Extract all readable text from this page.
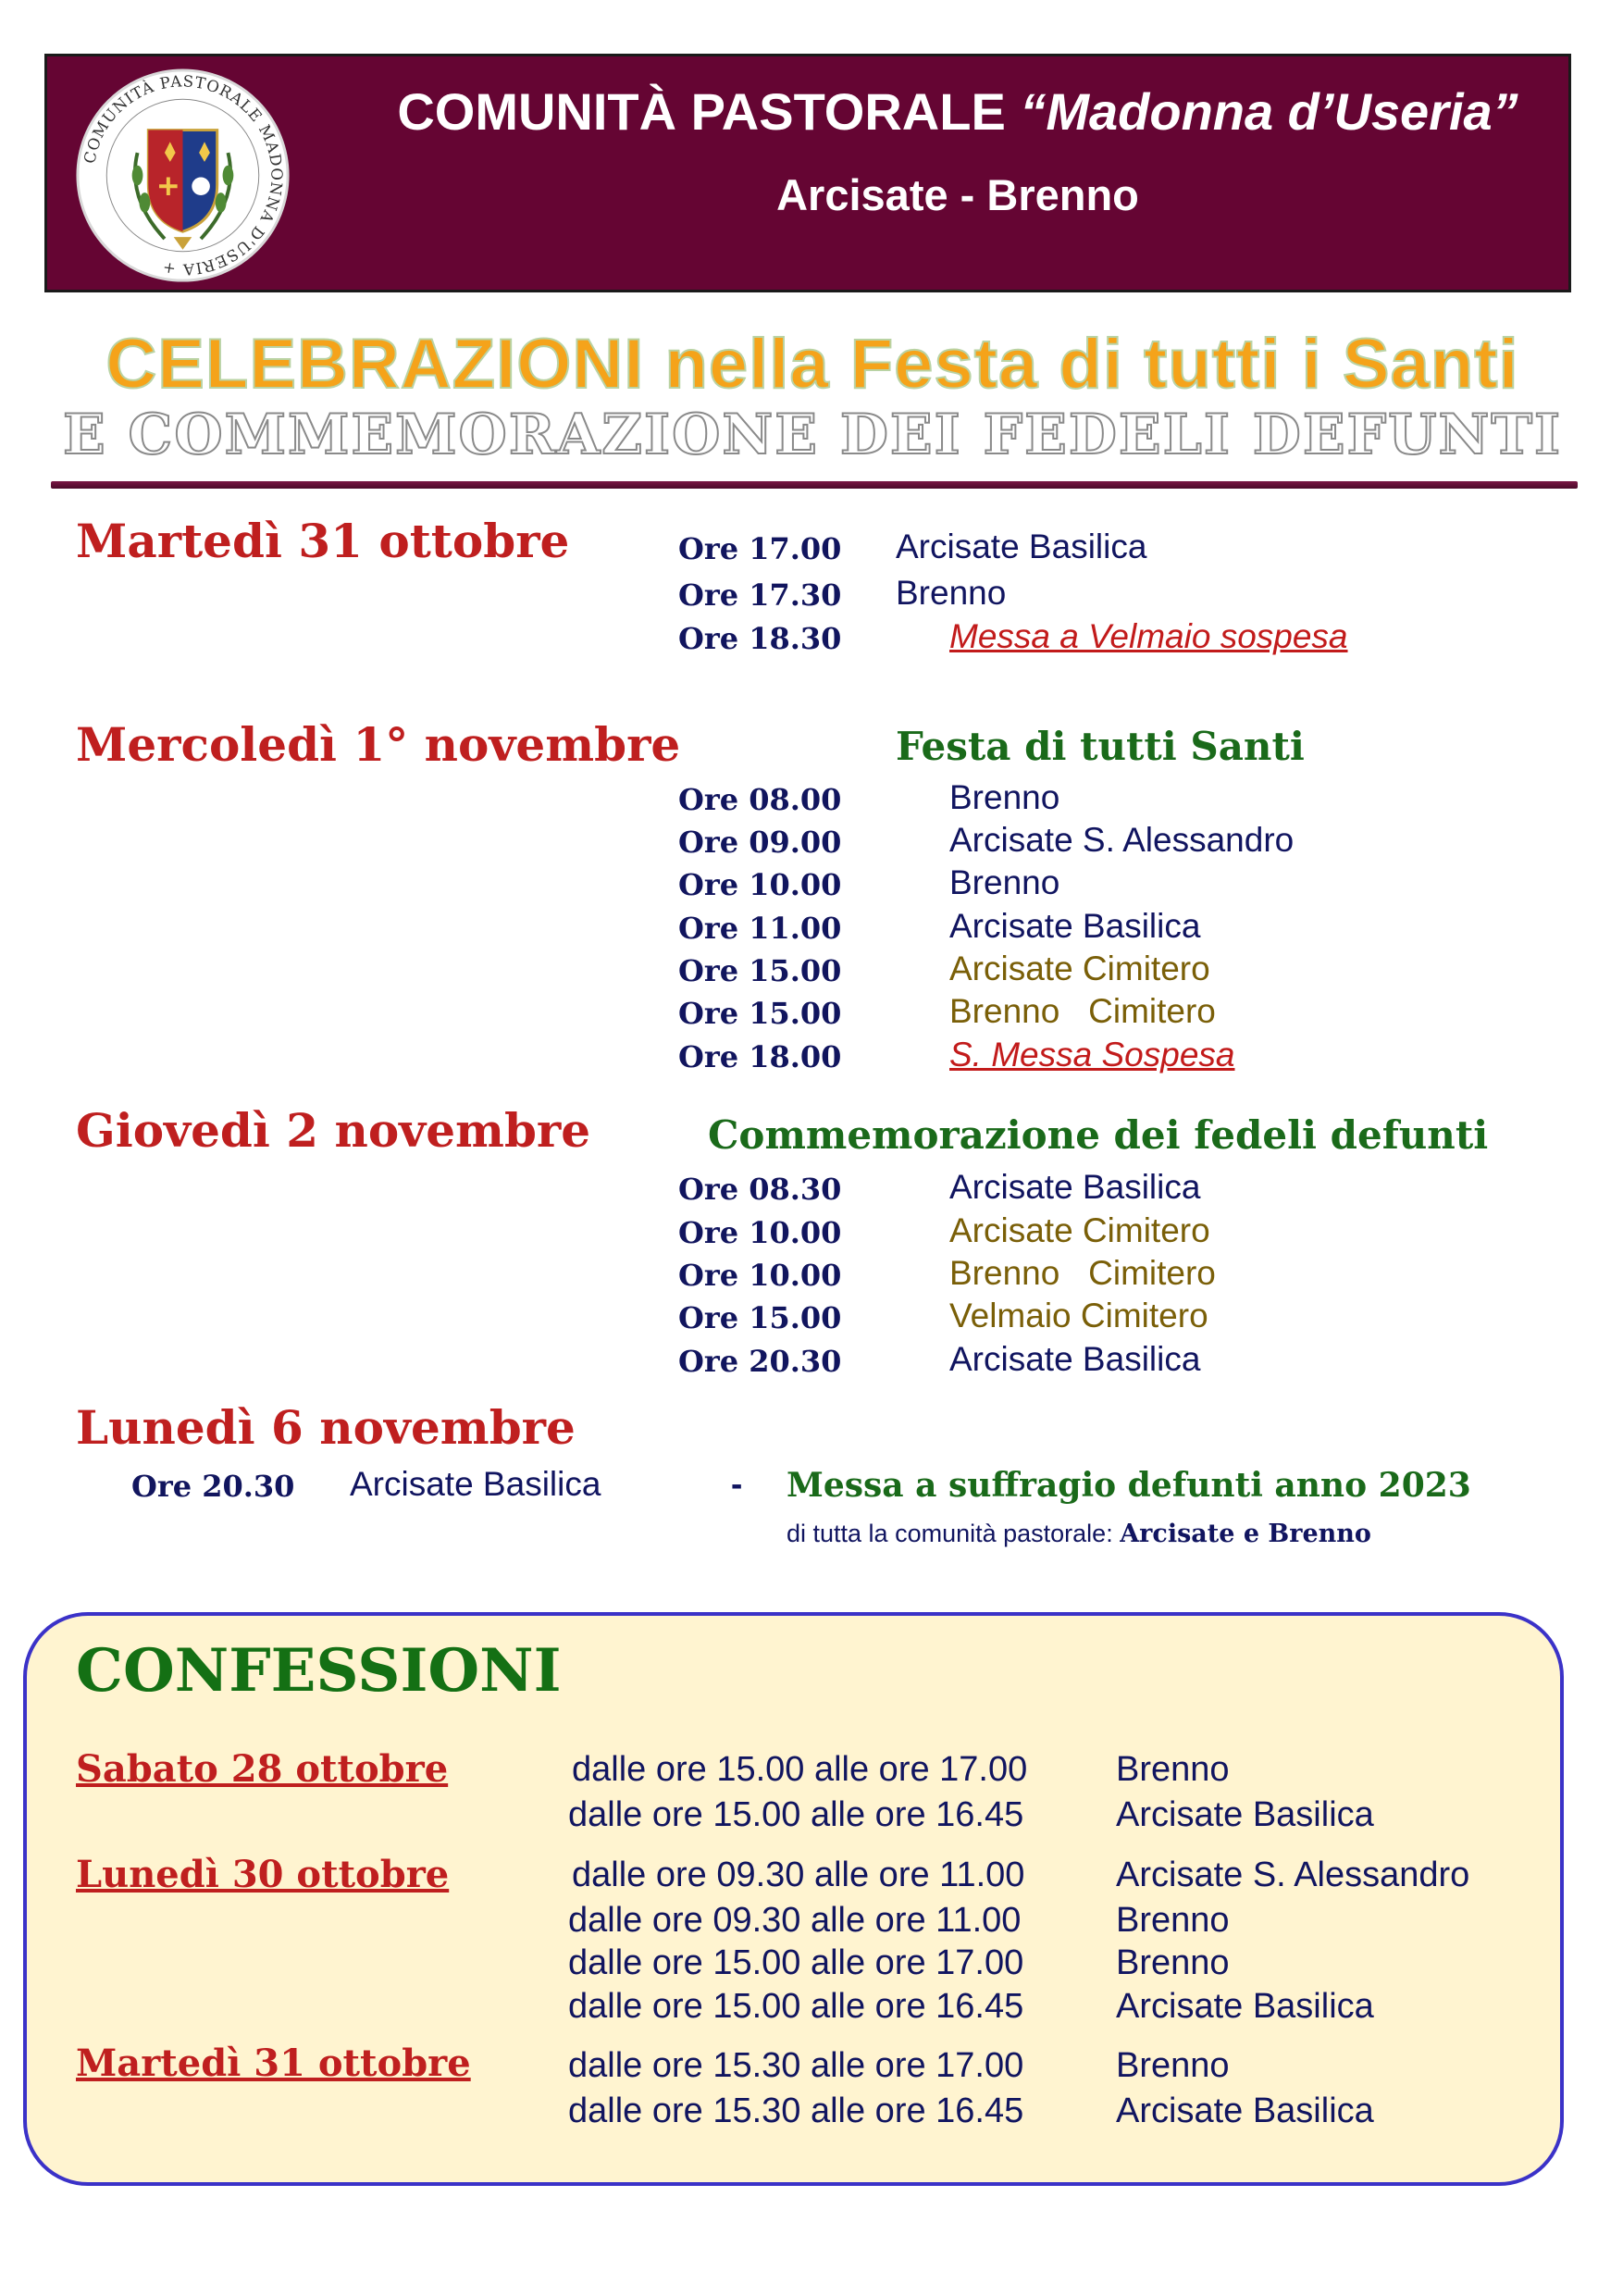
COMUNITÀ PASTORALE MADONNA D'USERIA +
COMUNITÀ PASTORALE “Madonna d’Useria”
Arcisate - Brenno
CELEBRAZIONI nella Festa di tutti i Santi
E COMMEMORAZIONE DEI FEDELI DEFUNTI
Martedì 31 ottobre	Ore 17.00 Arcisate Basilica
Ore 17.30 Brenno
Ore 18.30	Messa a Velmaio sospesa
Mercoledì 1° novembre	Festa di tutti Santi
Ore 08.00	Brenno
Ore 09.00	Arcisate S. Alessandro
Ore 10.00	Brenno
Ore 11.00	Arcisate Basilica
Ore 15.00	Arcisate Cimitero
Ore 15.00	Brenno   Cimitero
Ore 18.00	S. Messa Sospesa
Giovedì 2 novembre	Commemorazione dei fedeli defunti
Ore 08.30	Arcisate Basilica
Ore 10.00	Arcisate Cimitero
Ore 10.00	Brenno   Cimitero
Ore 15.00	Velmaio Cimitero
Ore 20.30	Arcisate Basilica
Lunedì 6 novembre
Ore 20.30 Arcisate Basilica	- Messa a suffragio defunti anno 2023
di tutta la comunità pastorale: Arcisate e Brenno
CONFESSIONI
Sabato 28 ottobre	dalle ore 15.00 alle ore 17.00	Brenno
dalle ore 15.00 alle ore 16.45	Arcisate Basilica
Lunedì 30 ottobre	dalle ore 09.30 alle ore 11.00	Arcisate S. Alessandro
dalle ore 09.30 alle ore 11.00	Brenno
dalle ore 15.00 alle ore 17.00	Brenno
dalle ore 15.00 alle ore 16.45	Arcisate Basilica
Martedì 31 ottobre	dalle ore 15.30 alle ore 17.00	Brenno
dalle ore 15.30 alle ore 16.45	Arcisate Basilica
